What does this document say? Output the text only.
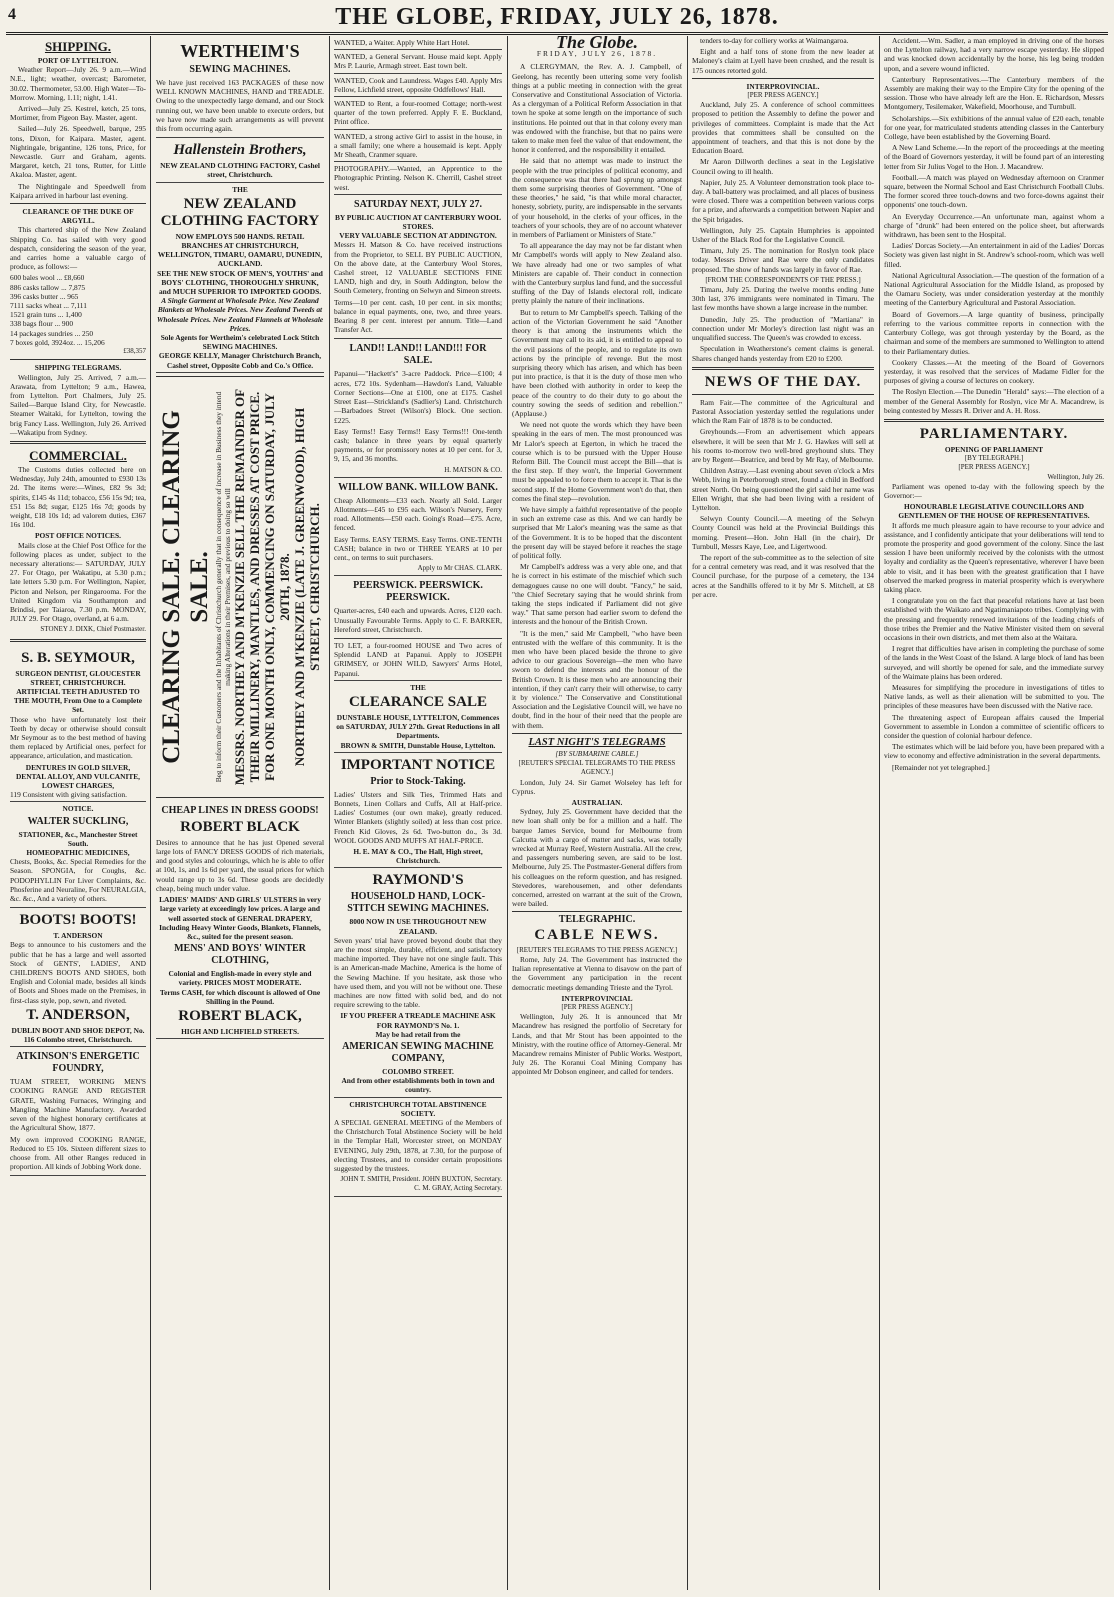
4	THE GLOBE, FRIDAY, JULY 26, 1878.
SHIPPING.
PORT OF LYTTELTON.

Weather Report—July 26. 9 a.m.—Wind N.E., light; weather, overcast; Barometer, 30.02. Thermometer, 53.00. High Water—To-Morrow. Morning, 1.11; night, 1.41.

Arrived—July 25. Kestrel, ketch, 25 tons, Mortimer, from Pigeon Bay. Master, agent.

Sailed—July 26. Speedwell, barque, 295 tons, Dixon, for Kaipara. Master, agent. Nightingale, brigantine, 126 tons, Price, for Newcastle. Gurr and Graham, agents. Margaret, ketch, 21 tons, Rutter, for Little Akaloa. Master, agent.

The Nightingale and Speedwell from Kaipara arrived in harbour last evening.

CLEARANCE OF THE DUKE OF ARGYLL.

This chartered ship of the New Zealand Shipping Co. has sailed with very good despatch, considering the season of the year, and carries home a valuable cargo of produce, as follows:—

600 bales wool ... £8,660
886 casks tallow ... 7,875
396 casks butter ... 965
7111 sacks wheat ... 7,111
1521 grain tuns ... 1,400
338 bags flour ... 900
14 packages sundries ... 250
7 boxes gold, 3924oz. ... 15,206
£38,357
SHIPPING TELEGRAMS.

Wellington, July 25. Arrived, 7 a.m.—Arawata, from Lyttelton; 9 a.m., Hawea, from Lyttelton. Port Chalmers, July 25. Sailed—Barque Island City, for Newcastle. Steamer Waitaki, for Lyttelton, towing the brig Fancy Lass. Wellington, July 26. Arrived—Wakatipu from Sydney.

COMMERCIAL.

The Customs duties collected here on Wednesday, July 24th, amounted to £930 13s 2d. The items were:—Wines, £82 9s 3d; spirits, £145 4s 11d; tobacco, £56 15s 9d; tea, £51 15s 8d; sugar, £125 16s 7d; goods by weight, £18 10s 1d; ad valorem duties, £367 16s 10d.

POST OFFICE NOTICES.

Mails close at the Chief Post Office for the following places as under, subject to the necessary alterations:— SATURDAY, JULY 27. For Otago, per Wakatipu, at 5.30 p.m.; late letters 5.30 p.m. For Wellington, Napier, Picton and Nelson, per Ringarooma. For the United Kingdom via Southampton and Brindisi, per Taiaroa, 7.30 p.m. MONDAY, JULY 29. For Otago, overland, at 6 a.m.

STONEY J. DIXK, Chief Postmaster.
S. B. SEYMOUR,
SURGEON DENTIST, GLOUCESTER STREET, CHRISTCHURCH.
ARTIFICIAL TEETH ADJUSTED TO THE MOUTH, From One to a Complete Set.

Those who have unfortunately lost their Teeth by decay or otherwise should consult Mr Seymour as to the best method of having them replaced by Artificial ones, perfect for appearance, articulation, and mastication.

DENTURES IN GOLD SILVER, DENTAL ALLOY, AND VULCANITE, LOWEST CHARGES,
119 Consistent with giving satisfaction.
NOTICE.
WALTER SUCKLING,
STATIONER, &c., Manchester Street South.
HOMEOPATHIC MEDICINES,

Chests, Books, &c. Special Remedies for the Season. SPONGIA, for Coughs, &c. PODOPHYLLIN For Liver Complaints, &c. Phosferine and Neuraline, For NEURALGIA, &c. &c., And a variety of others.

BOOTS! BOOTS!
T. ANDERSON

Begs to announce to his customers and the public that he has a large and well assorted Stock of GENTS', LADIES', AND CHILDREN'S BOOTS AND SHOES, both English and Colonial made, besides all kinds of Boots and Shoes made on the Premises, in first-class style, pop, sewn, and riveted.

T. ANDERSON,
DUBLIN BOOT AND SHOE DEPOT, No. 116 Colombo street, Christchurch.
ATKINSON'S ENERGETIC FOUNDRY,

TUAM STREET, WORKING MEN'S COOKING RANGE AND REGISTER GRATE, Washing Furnaces, Wringing and Mangling Machine Manufactory. Awarded seven of the highest honorary certificates at the Agricultural Show, 1877.

My own improved COOKING RANGE, Reduced to £5 10s. Sixteen different sizes to choose from. All other Ranges reduced in proportion. All kinds of Jobbing Work done.

WERTHEIM'S
SEWING MACHINES.

We have just received 163 PACKAGES of these now WELL KNOWN MACHINES, HAND and TREADLE. Owing to the unexpectedly large demand, and our Stock running out, we have been unable to execute orders, but we have now made such arrangements as will prevent this from occurring again.

Hallenstein Brothers,
NEW ZEALAND CLOTHING FACTORY, Cashel street, Christchurch.
THE
NEW ZEALAND CLOTHING FACTORY
NOW EMPLOYS 500 HANDS. RETAIL BRANCHES AT CHRISTCHURCH, WELLINGTON, TIMARU, OAMARU, DUNEDIN, AUCKLAND.
SEE THE NEW STOCK OF MEN'S, YOUTHS' and BOYS' CLOTHING, THOROUGHLY SHRUNK, and MUCH SUPERIOR TO IMPORTED GOODS.
A Single Garment at Wholesale Price. New Zealand Blankets at Wholesale Prices. New Zealand Tweeds at Wholesale Prices. New Zealand Flannels at Wholesale Prices.
Sole Agents for Wertheim's celebrated Lock Stitch SEWING MACHINES.
GEORGE KELLY, Manager Christchurch Branch, Cashel street, Opposite Cobb and Co.'s Office.
CLEARING SALE. CLEARING SALE. Beg to inform their Customers and the Inhabitants of Christchurch generally that in consequence of increase in Business they intend making Alterations in their Premises, and previous to doing so will MESSRS. NORTHEY AND M'KENZIE SELL THE REMAINDER OF THEIR MILLINERY, MANTLES, AND DRESSES AT COST PRICE. FOR ONE MONTH ONLY, COMMENCING ON SATURDAY, JULY 20TH, 1878. NORTHEY AND M'KENZIE (LATE J. GREENWOOD), HIGH STREET, CHRISTCHURCH.
CHEAP LINES IN DRESS GOODS!
ROBERT BLACK

Desires to announce that he has just Opened several large lots of FANCY DRESS GOODS of rich materials, and good styles and colourings, which he is able to offer at 10d, 1s, and 1s 6d per yard, the usual prices for which would range up to 3s 6d. These goods are decidedly cheap, being much under value.

LADIES' MAIDS' AND GIRLS' ULSTERS in very large variety at exceedingly low prices. A large and well assorted stock of GENERAL DRAPERY, Including Heavy Winter Goods, Blankets, Flannels, &c., suited for the present season.
MENS' AND BOYS' WINTER CLOTHING,
Colonial and English-made in every style and variety. PRICES MOST MODERATE.
Terms CASH, for which discount is allowed of One Shilling in the Pound.
ROBERT BLACK,
HIGH AND LICHFIELD STREETS.
WANTED, a Waiter. Apply White Hart Hotel.
WANTED, a General Servant. House maid kept. Apply Mrs P. Laurie, Armagh street. East town belt.
WANTED, Cook and Laundress. Wages £40. Apply Mrs Fellow, Lichfield street, opposite Oddfellows' Hall.
WANTED to Rent, a four-roomed Cottage; north-west quarter of the town preferred. Apply F. E. Buckland, Print office.
WANTED, a strong active Girl to assist in the house, in a small family; one where a housemaid is kept. Apply Mr Sheath, Cranmer square.
PHOTOGRAPHY.—Wanted, an Apprentice to the Photographic Printing. Nelson K. Cherrill, Cashel street west.
SATURDAY NEXT, JULY 27.
BY PUBLIC AUCTION AT CANTERBURY WOOL STORES.
VERY VALUABLE SECTION AT ADDINGTON.

Messrs H. Matson & Co. have received instructions from the Proprietor, to SELL BY PUBLIC AUCTION, On the above date, at the Canterbury Wool Stores, Cashel street, 12 VALUABLE SECTIONS FINE LAND, high and dry, in South Addington, below the South Cemetery, fronting on Selwyn and Simeon streets.

Terms—10 per cent. cash, 10 per cent. in six months; balance in equal payments, one, two, and three years. Bearing 8 per cent. interest per annum. Title—Land Transfer Act.

LAND!! LAND!! LAND!!! FOR SALE.

Papanui—"Hackett's" 3-acre Paddock. Price—£100; 4 acres, £72 10s. Sydenham—Hawdon's Land, Valuable Corner Sections—One at £100, one at £175. Cashel Street East—Strickland's (Sadlier's) Land. Christchurch—Barbadoes Street (Wilson's) Block. One section. £225.

Easy Terms!! Easy Terms!! Easy Terms!!! One-tenth cash; balance in three years by equal quarterly payments, or for promissory notes at 10 per cent. for 3, 9, 15, and 36 months.

H. MATSON & CO.
WILLOW BANK. WILLOW BANK.

Cheap Allotments—£33 each. Nearly all Sold. Larger Allotments—£45 to £95 each. Wilson's Nursery, Ferry road. Allotments—£50 each. Going's Road—£75. Acre, fenced.

Easy Terms. EASY TERMS. Easy Terms. ONE-TENTH CASH; balance in two or THREE YEARS at 10 per cent., on terms to suit purchasers.

Apply to Mr CHAS. CLARK.
PEERSWICK. PEERSWICK. PEERSWICK.

Quarter-acres, £40 each and upwards. Acres, £120 each. Unusually Favourable Terms. Apply to C. F. BARKER, Hereford street, Christchurch.

TO LET, a four-roomed HOUSE and Two acres of Splendid LAND at Papanui. Apply to JOSEPH GRIMSEY, or JOHN WILD, Sawyers' Arms Hotel, Papanui.
THE
CLEARANCE SALE
DUNSTABLE HOUSE, LYTTELTON, Commences on SATURDAY, JULY 27th. Great Reductions in all Departments.
BROWN & SMITH, Dunstable House, Lyttelton.
IMPORTANT NOTICE
Prior to Stock-Taking.

Ladies' Ulsters and Silk Ties, Trimmed Hats and Bonnets, Linen Collars and Cuffs, All at Half-price. Ladies' Costumes (our own make), greatly reduced. Winter Blankets (slightly soiled) at less than cost price. French Kid Gloves, 2s 6d. Two-button do., 3s 3d. WOOL GOODS AND MUFFS AT HALF-PRICE.

H. E. MAY & CO., The Hall, High street, Christchurch.
RAYMOND'S
HOUSEHOLD HAND, LOCK-STITCH SEWING MACHINES.
8000 NOW IN USE THROUGHOUT NEW ZEALAND.

Seven years' trial have proved beyond doubt that they are the most simple, durable, efficient, and satisfactory machine imported. They have not one single fault. This is an American-made Machine, America is the home of the Sewing Machine. If you hesitate, ask those who have used them, and you will not be without one. These machines are now fitted with solid bed, and do not require screwing to the table.

IF YOU PREFER A TREADLE MACHINE ASK FOR RAYMOND'S No. 1.
May be had retail from the
AMERICAN SEWING MACHINE COMPANY,
COLOMBO STREET.
And from other establishments both in town and country.
CHRISTCHURCH TOTAL ABSTINENCE SOCIETY.

A SPECIAL GENERAL MEETING of the Members of the Christchurch Total Abstinence Society will be held in the Templar Hall, Worcester street, on MONDAY EVENING, July 29th, 1878, at 7.30, for the purpose of electing Trustees, and to consider certain propositions suggested by the trustees.

JOHN T. SMITH, President. JOHN BUXTON, Secretary. C. M. GRAY, Acting Secretary.
The Globe.
FRIDAY, JULY 26, 1878.

A CLERGYMAN, the Rev. A. J. Campbell, of Geelong, has recently been uttering some very foolish things at a public meeting in connection with the great Conservative and Constitutional Association of Victoria. As a clergyman of a Political Reform Association in that town he spoke at some length on the importance of such institutions. He pointed out that in that colony every man was endowed with the franchise, but that no pains were taken to make men feel the value of that endowment, the honor it conferred, and the responsibility it entailed.

He said that no attempt was made to instruct the people with the true principles of political economy, and the consequence was that there had sprung up amongst them some surprising theories of Government. "One of these theories," he said, "is that while moral character, honesty, sobriety, purity, are indispensable in the servants of your household, in the clerks of your offices, in the teachers of your schools, they are of no account whatever in members of Parliament or Ministers of State."

To all appearance the day may not be far distant when Mr Campbell's words will apply to New Zealand also. We have already had one or two samples of what Ministers are capable of. Their conduct in connection with the Canterbury surplus land fund, and the successful stuffing of the Day of Islands electoral roll, indicate pretty plainly the nature of their inclinations.

But to return to Mr Campbell's speech. Talking of the action of the Victorian Government he said "Another theory is that among the instruments which the Government may call to its aid, it is entitled to appeal to the evil passions of the people, and to regulate its own actions by the principle of revenge. But the most surprising theory which has arisen, and which has been put into practice, is that it is the duty of those men who have been clothed with authority in order to keep the peace of the country to do their duty to go about the country sowing the seeds of sedition and rebellion." (Applause.)

We need not quote the words which they have been speaking in the ears of men. The most pronounced was Mr Lalor's speech at Egerton, in which he traced the course which is to be pursued with the Upper House Reform Bill. The Council must accept the Bill—that is the first step. If they won't, the Imperial Government must be appealed to to force them to accept it. That is the second step. If the Home Government won't do that, then comes the final step—revolution.

We have simply a faithful representative of the people in such an extreme case as this. And we can hardly be surprised that Mr Lalor's meaning was the same as that of the Government. It is to be hoped that the discontent the present day will be stayed before it reaches the stage of political folly.

Mr Campbell's address was a very able one, and that he is correct in his estimate of the mischief which such demagogues cause no one will doubt. "Fancy," he said, "the Chief Secretary saying that he would shrink from taking the steps indicated if Parliament did not give way." That same person had earlier sworn to defend the interests and the honour of the British Crown.

"It is the men," said Mr Campbell, "who have been entrusted with the welfare of this community. It is the men who have been placed beside the throne to give advice to our gracious Sovereign—the men who have sworn to defend the interests and the honour of the British Crown. It is these men who are announcing their intention, if they can't carry their will otherwise, to carry it by violence." The Conservative and Constitutional Association and the Legislative Council will, we have no doubt, find in the hour of their need that the people are with them.

LAST NIGHT'S TELEGRAMS
[BY SUBMARINE CABLE.]
[REUTER'S SPECIAL TELEGRAMS TO THE PRESS AGENCY.]

London, July 24. Sir Garnet Wolseley has left for Cyprus.

AUSTRALIAN.

Sydney, July 25. Government have decided that the new loan shall only be for a million and a half. The barque James Service, bound for Melbourne from Calcutta with a cargo of matter and sacks, was totally wrecked at Murray Reef, Western Australia. All the crew, and passengers numbering seven, are said to be lost. Melbourne, July 25. The Postmaster-General differs from his colleagues on the reform question, and has resigned. Stevedores, warehousemen, and other defendants concerned, arrested on warrant at the suit of the Crown, were bailed.

TELEGRAPHIC.
CABLE NEWS.
[REUTER'S TELEGRAMS TO THE PRESS AGENCY.]

Rome, July 24. The Government has instructed the Italian representative at Vienna to disavow on the part of the Government any participation in the recent democratic meetings demanding Trieste and the Tyrol.

INTERPROVINCIAL
[PER PRESS AGENCY.]

Wellington, July 26. It is announced that Mr Macandrew has resigned the portfolio of Secretary for Lands, and that Mr Stout has been appointed to the Ministry, with the routine office of Attorney-General. Mr Macandrew remains Minister of Public Works. Westport, July 26. The Koranui Coal Mining Company has appointed Mr Dobson engineer, and called for tenders.

tenders to-day for colliery works at Waimangaroa.

Eight and a half tons of stone from the new leader at Maloney's claim at Lyell have been crushed, and the result is 175 ounces retorted gold.

INTERPROVINCIAL.
[PER PRESS AGENCY.]

Auckland, July 25. A conference of school committees proposed to petition the Assembly to define the power and privileges of committees. Complaint is made that the Act provides that committees shall be consulted on the appointment of teachers, and that this is not done by the Education Board.

Mr Aaron Dillworth declines a seat in the Legislative Council owing to ill health.

Napier, July 25. A Volunteer demonstration took place to-day. A ball-battery was proclaimed, and all places of business were closed. There was a competition between various corps for a prize, and afterwards a competition between Napier and the Spit brigades.

Wellington, July 25. Captain Humphries is appointed Usher of the Black Rod for the Legislative Council.

Timaru, July 25. The nomination for Roslyn took place today. Messrs Driver and Rae were the only candidates proposed. The show of hands was largely in favor of Rae.

[FROM THE CORRESPONDENTS OF THE PRESS.]

Timaru, July 25. During the twelve months ending June 30th last, 376 immigrants were nominated in Timaru. The last few months have shown a large increase in the number.

Dunedin, July 25. The production of "Martiana" in connection under Mr Morley's direction last night was an unqualified success. The Queen's was crowded to excess.

Speculation in Weatherstone's cement claims is general. Shares changed hands yesterday from £20 to £200.

NEWS OF THE DAY.

Ram Fair.—The committee of the Agricultural and Pastoral Association yesterday settled the regulations under which the Ram Fair of 1878 is to be conducted.

Greyhounds.—From an advertisement which appears elsewhere, it will be seen that Mr J. G. Hawkes will sell at his rooms to-morrow two well-bred greyhound sluts. They are by Regent—Beatrice, and bred by Mr Ray, of Melbourne.

Children Astray.—Last evening about seven o'clock a Mrs Webb, living in Peterborough street, found a child in Bedford street North. On being questioned the girl said her name was Ellen Wright, that she had been living with a resident of Lyttelton.

Selwyn County Council.—A meeting of the Selwyn County Council was held at the Provincial Buildings this morning. Present—Hon. John Hall (in the chair), Dr Turnbull, Messrs Kaye, Lee, and Ligertwood.

The report of the sub-committee as to the selection of site for a central cemetery was read, and it was resolved that the Council purchase, for the purpose of a cemetery, the 134 acres at the Sandhills offered to it by Mr S. Mitchell, at £8 per acre.

Accident.—Wm. Sadler, a man employed in driving one of the horses on the Lyttelton railway, had a very narrow escape yesterday. He slipped and was knocked down accidentally by the horse, his leg being trodden upon, and a severe wound inflicted.

Canterbury Representatives.—The Canterbury members of the Assembly are making their way to the Empire City for the opening of the session. Those who have already left are the Hon. E. Richardson, Messrs Montgomery, Tesilemaker, Wakefield, Moorhouse, and Turnbull.

Scholarships.—Six exhibitions of the annual value of £20 each, tenable for one year, for matriculated students attending classes in the Canterbury College, have been established by the Governing Board.

A New Land Scheme.—In the report of the proceedings at the meeting of the Board of Governors yesterday, it will be found part of an interesting letter from Sir Julius Vogel to the Hon. J. Macandrew.

Football.—A match was played on Wednesday afternoon on Cranmer square, between the Normal School and East Christchurch Football Clubs. The former scored three touch-downs and two force-downs against their opponents' one touch-down.

An Everyday Occurrence.—An unfortunate man, against whom a charge of "drunk" had been entered on the police sheet, but afterwards withdrawn, has been sent to the Hospital.

Ladies' Dorcas Society.—An entertainment in aid of the Ladies' Dorcas Society was given last night in St. Andrew's school-room, which was well filled.

National Agricultural Association.—The question of the formation of a National Agricultural Association for the Middle Island, as proposed by the Oamaru Society, was under consideration yesterday at the monthly meeting of the Canterbury Agricultural and Pastoral Association.

Board of Governors.—A large quantity of business, principally referring to the various committee reports in connection with the Canterbury College, was got through yesterday by the Board, as the chairman and some of the members are summoned to Wellington to attend to their Parliamentary duties.

Cookery Classes.—At the meeting of the Board of Governors yesterday, it was resolved that the services of Madame Fidler for the purposes of giving a course of lectures on cookery.

The Roslyn Election.—The Dunedin "Herald" says:—The election of a member of the General Assembly for Roslyn, vice Mr A. Macandrew, is being contested by Messrs R. Driver and A. H. Ross.

PARLIAMENTARY.
OPENING OF PARLIAMENT
[BY TELEGRAPH.]
[PER PRESS AGENCY.]
Wellington, July 26.

Parliament was opened to-day with the following speech by the Governor:—

HONOURABLE LEGISLATIVE COUNCILLORS AND GENTLEMEN OF THE HOUSE OF REPRESENTATIVES.

It affords me much pleasure again to have recourse to your advice and assistance, and I confidently anticipate that your deliberations will tend to promote the prosperity and good government of the colony. Since the last session I have been uniformly received by the colonists with the utmost loyalty and cordiality as the Queen's representative, wherever I have been able to visit, and it has been with the greatest gratification that I have observed the marked progress in material prosperity which is everywhere taking place.

I congratulate you on the fact that peaceful relations have at last been established with the Waikato and Ngatimaniapoto tribes. Complying with the pressing and frequently renewed invitations of the leading chiefs of those tribes the Premier and the Native Minister visited them on several occasions in their own districts, and met them also at the Waitara.

I regret that difficulties have arisen in completing the purchase of some of the lands in the West Coast of the Island. A large block of land has been surveyed, and will shortly be opened for sale, and the immediate survey of the Waimate plains has been ordered.

Measures for simplifying the procedure in investigations of titles to Native lands, as well as their alienation will be submitted to you. The principles of these measures have been discussed with the Native race.

The threatening aspect of European affairs caused the Imperial Government to assemble in London a committee of scientific officers to consider the question of colonial harbour defence.

The estimates which will be laid before you, have been prepared with a view to economy and effective administration in the several departments.

[Remainder not yet telegraphed.]
